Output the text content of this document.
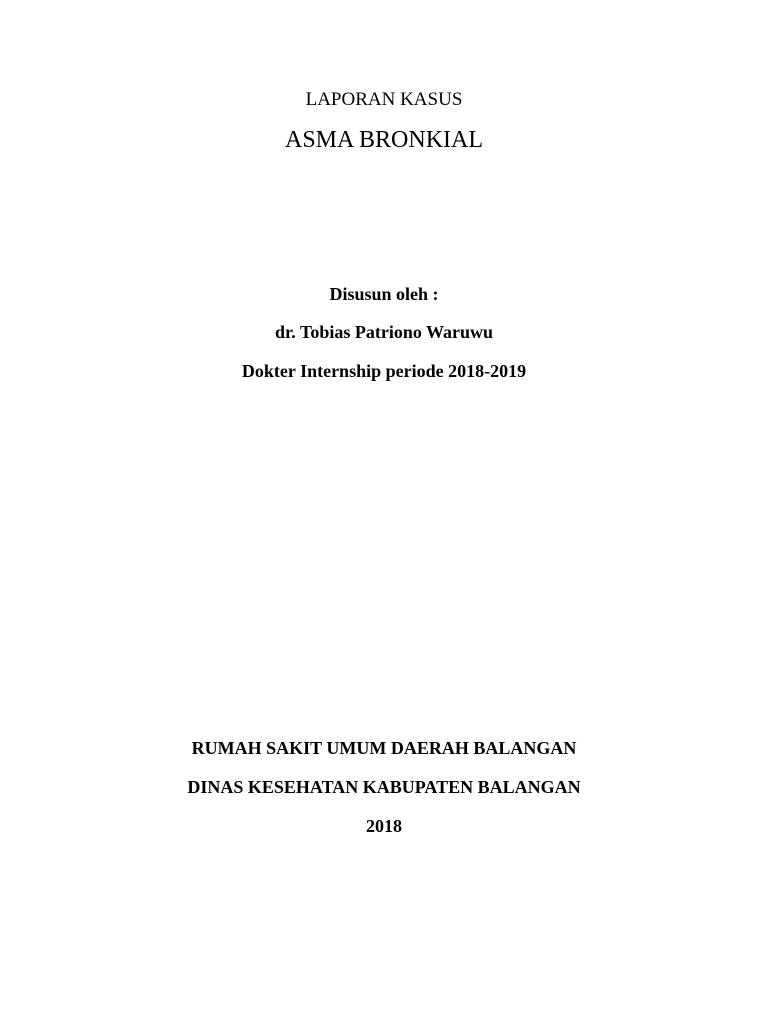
LAPORAN KASUS
ASMA BRONKIAL
Disusun oleh :
dr. Tobias Patriono Waruwu
Dokter Internship periode 2018-2019
RUMAH SAKIT UMUM DAERAH BALANGAN
DINAS KESEHATAN KABUPATEN BALANGAN
2018
